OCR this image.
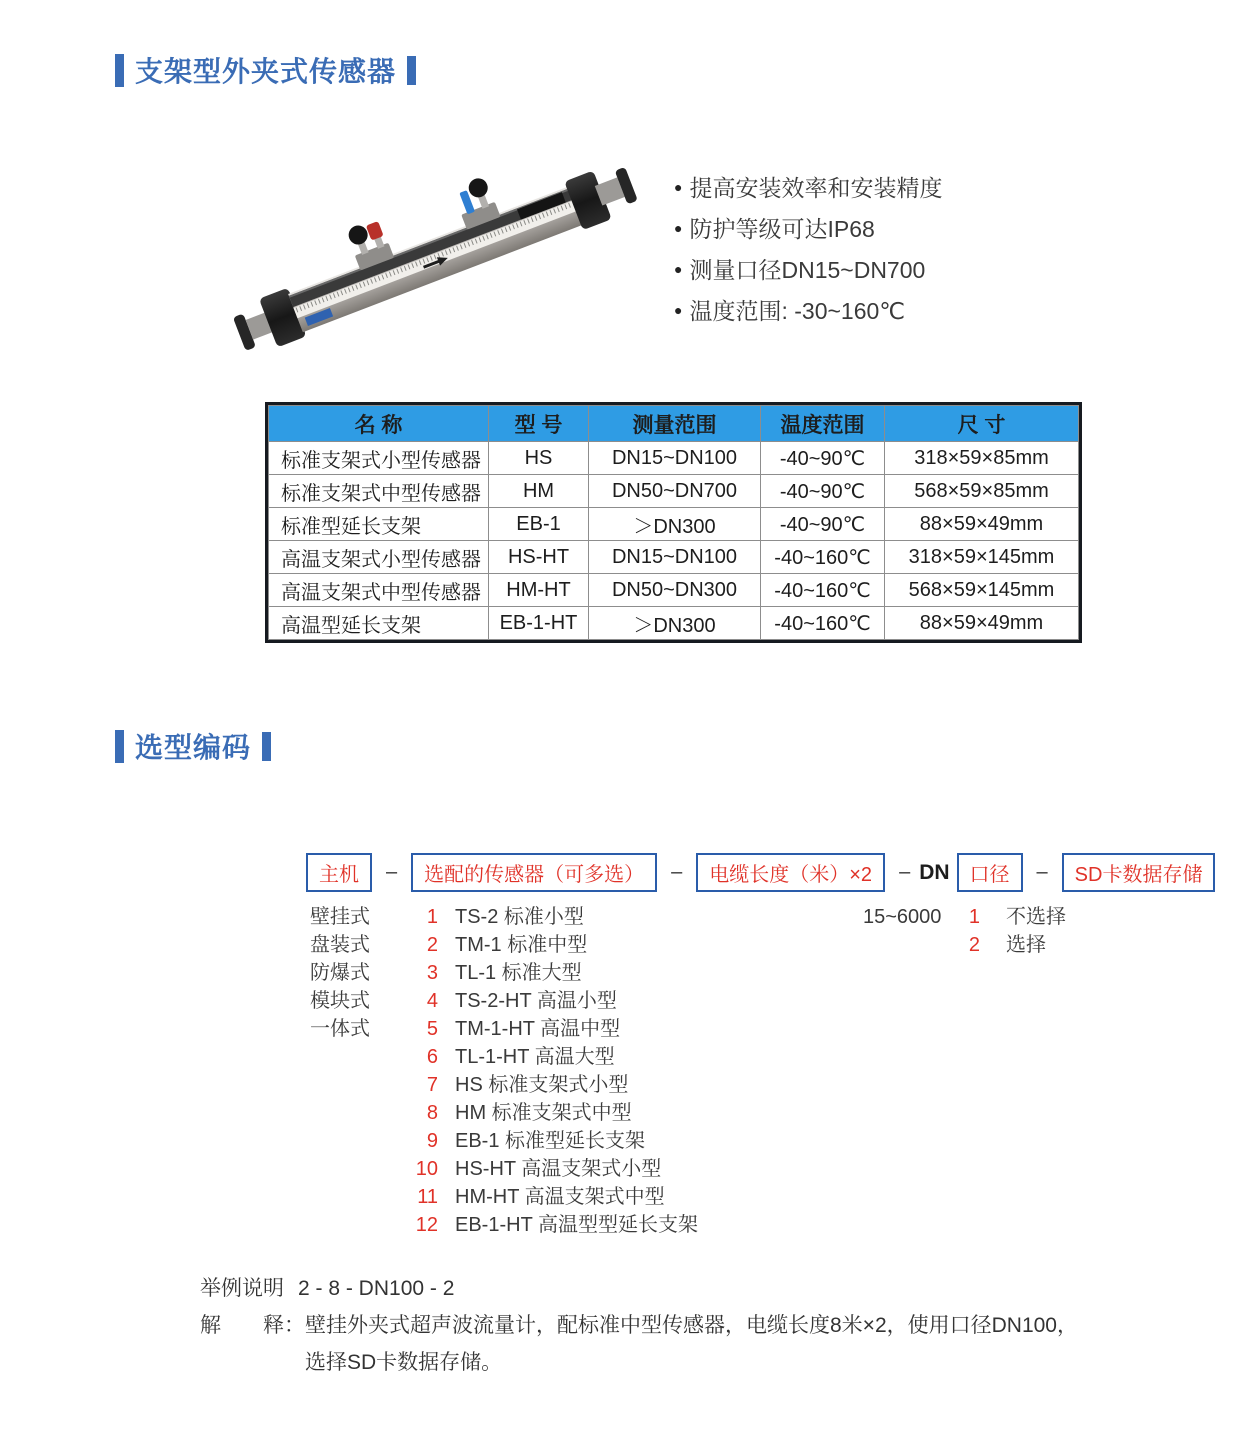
支架型外夹式传感器
● 提高安装效率和安装精度
● 防护等级可达IP68
● 测量口径DN15~DN700
● 温度范围: -30~160℃
名 称	型 号	测量范围	温度范围	尺 寸
标准支架式小型传感器	HS	DN15~DN100	-40~90℃	318×59×85mm
标准支架式中型传感器	HM	DN50~DN700	-40~90℃	568×59×85mm
标准型延长支架	EB-1	＞DN300	-40~90℃	88×59×49mm
高温支架式小型传感器	HS-HT	DN15~DN100	-40~160℃	318×59×145mm
高温支架式中型传感器	HM-HT	DN50~DN300	-40~160℃	568×59×145mm
高温型延长支架	EB-1-HT	＞DN300	-40~160℃	88×59×49mm
选型编码
主机	–	选配的传感器（可多选）	–	电缆长度（米）×2	– DN	口径	–	SD卡数据存储
壁挂式
盘装式
防爆式
模块式
一体式
1 TS-2 标准小型
2 TM-1 标准中型
3 TL-1 标准大型
4 TS-2-HT 高温小型
5 TM-1-HT 高温中型
6 TL-1-HT 高温大型
7 HS 标准支架式小型
8 HM 标准支架式中型
9 EB-1 标准型延长支架
10 HS-HT 高温支架式小型
11 HM-HT 高温支架式中型
12 EB-1-HT 高温型型延长支架
15~6000	1 不选择
2 选择
举例说明 2 - 8 - DN100 - 2
解　　释： 壁挂外夹式超声波流量计，配标准中型传感器，电缆长度8米×2，使用口径DN100，
选择SD卡数据存储。
